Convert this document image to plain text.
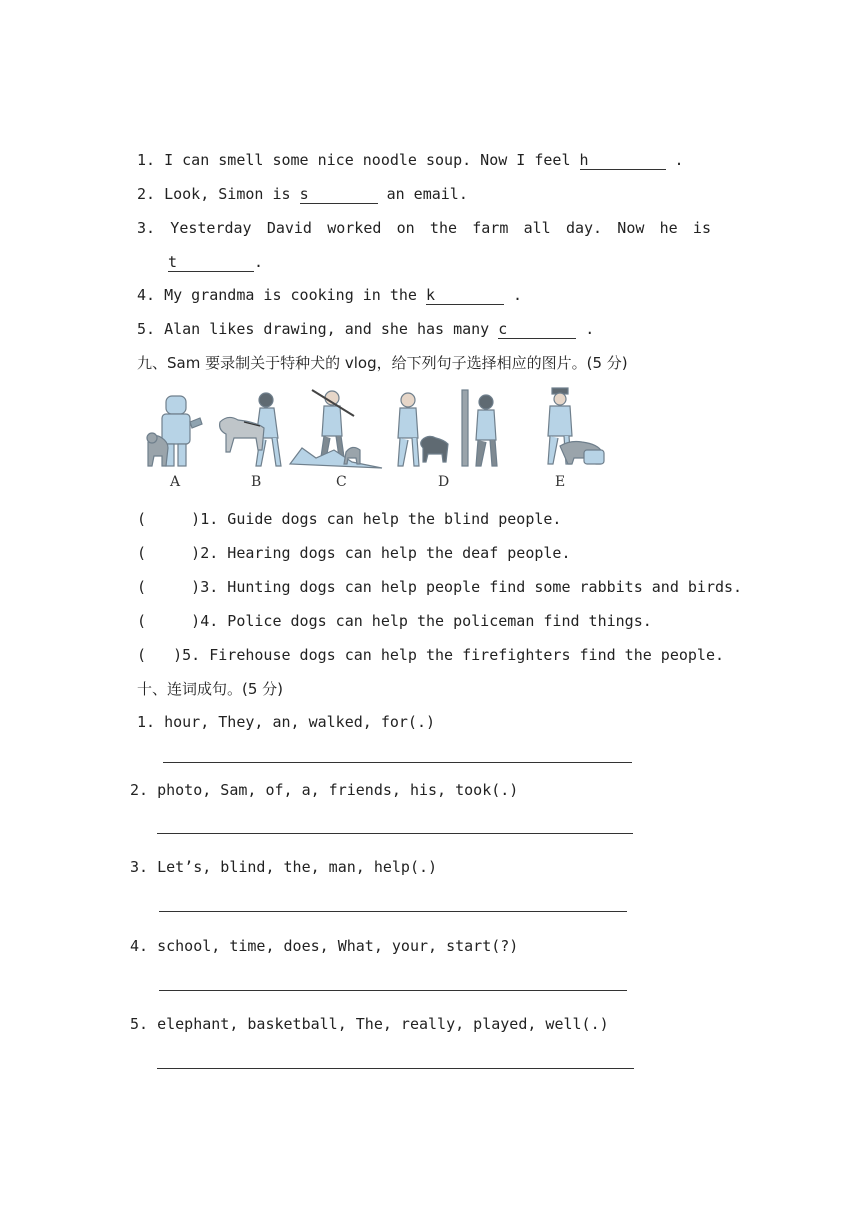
1. I can smell some nice noodle soup. Now I feel h	.
2. Look, Simon is s	an email.
3. Yesterday David worked on the farm all day. Now he is
t	.
4. My grandma is cooking in the k	.
5. Alan likes drawing, and she has many c	.
九、Sam 要录制关于特种犬的 vlog，给下列句子选择相应的图片。(5 分)
A	B	C	D	E
(     )1. Guide dogs can help the blind people.
(     )2. Hearing dogs can help the deaf people.
(     )3. Hunting dogs can help people find some rabbits and birds.
(     )4. Police dogs can help the policeman find things.
(   )5. Firehouse dogs can help the firefighters find the people.
十、连词成句。(5 分)
1. hour, They, an, walked, for(.)
2. photo, Sam, of, a, friends, his, took(.)
3. Let’s, blind, the, man, help(.)
4. school, time, does, What, your, start(?)
5. elephant, basketball, The, really, played, well(.)
